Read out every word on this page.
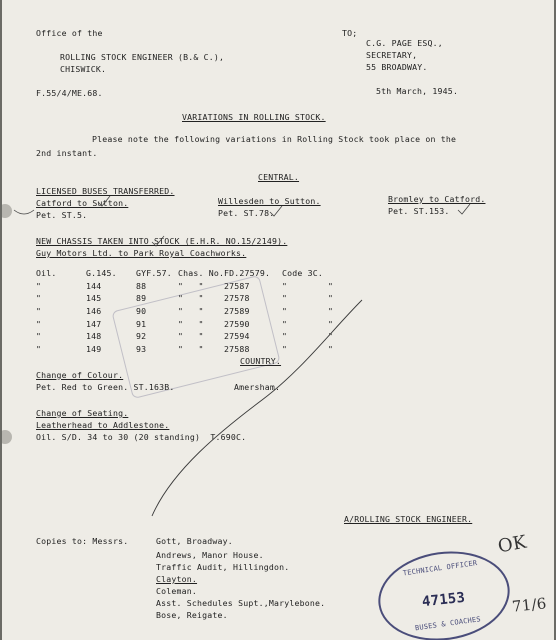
Office of the	TO;
ROLLING STOCK ENGINEER (B.& C.),
CHISWICK.
C.G. PAGE ESQ.,
SECRETARY,
55 BROADWAY.
F.55/4/ME.68.	5th March, 1945.
VARIATIONS IN ROLLING STOCK.
Please note the following variations in Rolling Stock took place on the
2nd instant.
CENTRAL.
LICENSED BUSES TRANSFERRED.
Catford to Sutton.
Pet. ST.5.
Willesden to Sutton.
Pet. ST.78.
Bromley to Catford.
Pet. ST.153.
NEW CHASSIS TAKEN INTO STOCK (E.H.R. NO.15/2149).
Guy Motors Ltd. to Park Royal Coachworks.
Oil.	G.145.	GYF.57. Chas. No. FD.27579.	Code 3C.
"	144	88	"   "	27587	"	"
"	145	89	"   "	27578	"	"
"	146	90	"   "	27589	"	"
"	147	91	"   "	27590	"	"
"	148	92	"   "	27594	"	"
"	149	93	"   "	27588	"	"
COUNTRY.
Change of Colour.
Pet. Red to Green. ST.163B.	Amersham.
Change of Seating.
Leatherhead to Addlestone.
Oil. S/D. 34 to 30 (20 standing)  T.690C.
A/ROLLING STOCK ENGINEER.
Copies to: Messrs.	Gott, Broadway.
Andrews, Manor House.
Traffic Audit, Hillingdon.
Clayton.
Coleman.
Asst. Schedules Supt.,Marylebone.
Bose, Reigate.
TECHNICAL OFFICER
BUSES & COACHES
47153
OK
71/6
